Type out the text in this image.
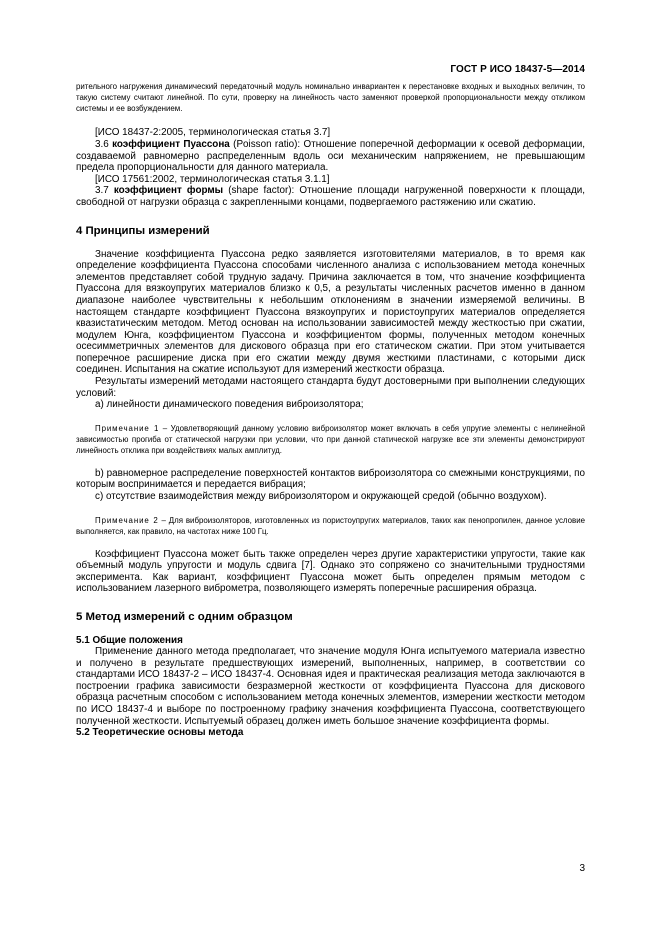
ГОСТ Р ИСО 18437-5—2014

рительного нагружения динамический передаточный модуль номинально инвариантен к перестановке входных и выходных величин, то такую систему считают линейной. По сути, проверку на линейность часто заменяют проверкой пропорциональности между откликом системы и ее возбуждением.

[ИСО 18437-2:2005, терминологическая статья 3.7]

3.6 коэффициент Пуассона (Poisson ratio): Отношение поперечной деформации к осевой деформации, создаваемой равномерно распределенным вдоль оси механическим напряжением, не превышающим предела пропорциональности для данного материала.

[ИСО 17561:2002, терминологическая статья 3.1.1]

3.7 коэффициент формы (shape factor): Отношение площади нагруженной поверхности к площади, свободной от нагрузки образца с закрепленными концами, подвергаемого растяжению или сжатию.

4 Принципы измерений

Значение коэффициента Пуассона редко заявляется изготовителями материалов, в то время как определение коэффициента Пуассона способами численного анализа с использованием метода конечных элементов представляет собой трудную задачу. Причина заключается в том, что значение коэффициента Пуассона для вязкоупругих материалов близко к 0,5, а результаты численных расчетов именно в данном диапазоне наиболее чувствительны к небольшим отклонениям в значении измеряемой величины. В настоящем стандарте коэффициент Пуассона вязкоупругих и пористоупругих материалов определяется квазистатическим методом. Метод основан на использовании зависимостей между жесткостью при сжатии, модулем Юнга, коэффициентом Пуассона и коэффициентом формы, полученных методом конечных осесимметричных элементов для дискового образца при его статическом сжатии. При этом учитывается поперечное расширение диска при его сжатии между двумя жесткими пластинами, с которыми диск соединен. Испытания на сжатие используют для измерений жесткости образца.

Результаты измерений методами настоящего стандарта будут достоверными при выполнении следующих условий:

а) линейности динамического поведения виброизолятора;

Примечание 1 – Удовлетворяющий данному условию виброизолятор может включать в себя упругие элементы с нелинейной зависимостью прогиба от статической нагрузки при условии, что при данной статической нагрузке все эти элементы демонстрируют линейность отклика при воздействиях малых амплитуд.

b) равномерное распределение поверхностей контактов виброизолятора со смежными конструкциями, по которым воспринимается и передается вибрация;

с) отсутствие взаимодействия между виброизолятором и окружающей средой (обычно воздухом).

Примечание 2 – Для виброизоляторов, изготовленных из пористоупругих материалов, таких как пенопропилен, данное условие выполняется, как правило, на частотах ниже 100 Гц.

Коэффициент Пуассона может быть также определен через другие характеристики упругости, такие как объемный модуль упругости и модуль сдвига [7]. Однако это сопряжено со значительными трудностями эксперимента. Как вариант, коэффициент Пуассона может быть определен прямым методом с использованием лазерного виброметра, позволяющего измерять поперечные расширения образца.

5 Метод измерений с одним образцом

5.1 Общие положения

Применение данного метода предполагает, что значение модуля Юнга испытуемого материала известно и получено в результате предшествующих измерений, выполненных, например, в соответствии со стандартами ИСО 18437-2 – ИСО 18437-4. Основная идея и практическая реализация метода заключаются в построении графика зависимости безразмерной жесткости от коэффициента Пуассона для дискового образца расчетным способом с использованием метода конечных элементов, измерении жесткости методом по ИСО 18437-4 и выборе по построенному графику значения коэффициента Пуассона, соответствующего полученной жесткости. Испытуемый образец должен иметь большое значение коэффициента формы.

5.2 Теоретические основы метода

3
